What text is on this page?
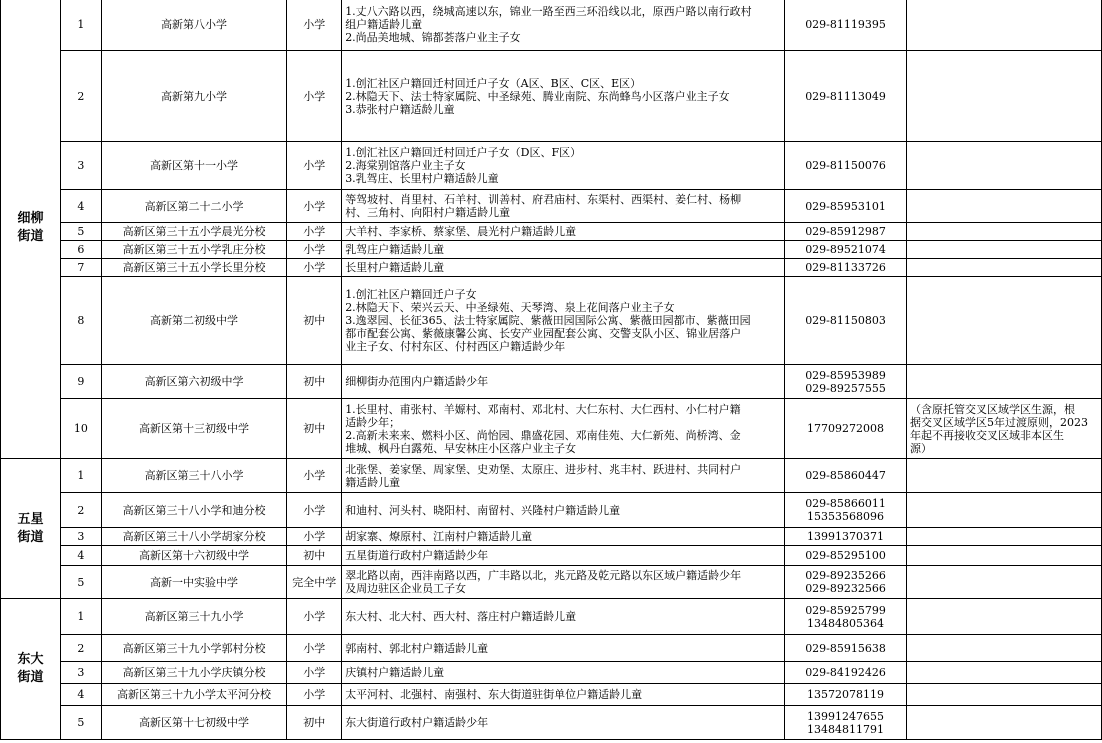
细柳
街道	1	高新第八小学	小学	1.丈八六路以西，绕城高速以东，锦业一路至西三环沿线以北，原西户路以南行政村
组户籍适龄儿童
2.尚品美地城、锦都荟落户业主子女	029-81119395	

	2	高新第九小学	小学	1.创汇社区户籍回迁村回迁户子女（A区、B区、C区、E区）
2.林隐天下、法士特家属院、中圣绿苑、腾业南院、东尚蜂鸟小区落户业主子女
3.恭张村户籍适龄儿童	029-81113049	

	3	高新区第十一小学	小学	1.创汇社区户籍回迁村回迁户子女（D区、F区）
2.海棠别馆落户业主子女
3.乳驾庄、长里村户籍适龄儿童	029-81150076	

	4	高新区第二十二小学	小学	等驾坡村、肖里村、石羊村、训善村、府君庙村、东渠村、西渠村、姜仁村、杨柳
村、三角村、向阳村户籍适龄儿童	029-85953101	

	5	高新区第三十五小学晨光分校	小学	大羊村、李家桥、蔡家堡、晨光村户籍适龄儿童	029-85912987	

	6	高新区第三十五小学乳庄分校	小学	乳驾庄户籍适龄儿童	029-89521074	

	7	高新区第三十五小学长里分校	小学	长里村户籍适龄儿童	029-81133726	

	8	高新第二初级中学	初中	1.创汇社区户籍回迁户子女
2.林隐天下、荣兴云天、中圣绿苑、天琴湾、泉上花间落户业主子女
3.逸翠园、长征365、法士特家属院、紫薇田园国际公寓、紫薇田园都市、紫薇田园
都市配套公寓、紫薇康馨公寓、长安产业园配套公寓、交警支队小区、锦业居落户
业主子女、付村东区、付村西区户籍适龄少年	029-81150803	

	9	高新区第六初级中学	初中	细柳街办范围内户籍适龄少年	029-85953989
029-89257555	

	10	高新区第十三初级中学	初中	1.长里村、甫张村、羊嫄村、邓南村、邓北村、大仁东村、大仁西村、小仁村户籍
适龄少年；
2.高新未来来、燃料小区、尚怡园、鼎盛花园、邓南佳苑、大仁新苑、尚桥湾、金
堆城、枫丹白露苑、早安林庄小区落户业主子女	17709272008	（含原托管交叉区域学区生源，根
据交叉区域学区5年过渡原则，2023
年起不再接收交叉区域非本区生
源）

五星
街道	1	高新区第三十八小学	小学	北张堡、姜家堡、周家堡、史劝堡、太原庄、进步村、兆丰村、跃进村、共同村户
籍适龄儿童	029-85860447	

	2	高新区第三十八小学和迪分校	小学	和迪村、河头村、晓阳村、南留村、兴隆村户籍适龄儿童	029-85866011
15353568096	

	3	高新区第三十八小学胡家分校	小学	胡家寨、燎原村、江南村户籍适龄儿童	13991370371	

	4	高新区第十六初级中学	初中	五星街道行政村户籍适龄少年	029-85295100	

	5	高新一中实验中学	完全中学	翠北路以南，西沣南路以西，广丰路以北，兆元路及乾元路以东区域户籍适龄少年
及周边驻区企业员工子女	029-89235266
029-89232566	

东大
街道	1	高新区第三十九小学	小学	东大村、北大村、西大村、落庄村户籍适龄儿童	029-85925799
13484805364	

	2	高新区第三十九小学郭村分校	小学	郭南村、郭北村户籍适龄儿童	029-85915638	

	3	高新区第三十九小学庆镇分校	小学	庆镇村户籍适龄儿童	029-84192426	

	4	高新区第三十九小学太平河分校	小学	太平河村、北强村、南强村、东大街道驻街单位户籍适龄儿童	13572078119	

	5	高新区第十七初级中学	初中	东大街道行政村户籍适龄少年	13991247655
13484811791	
